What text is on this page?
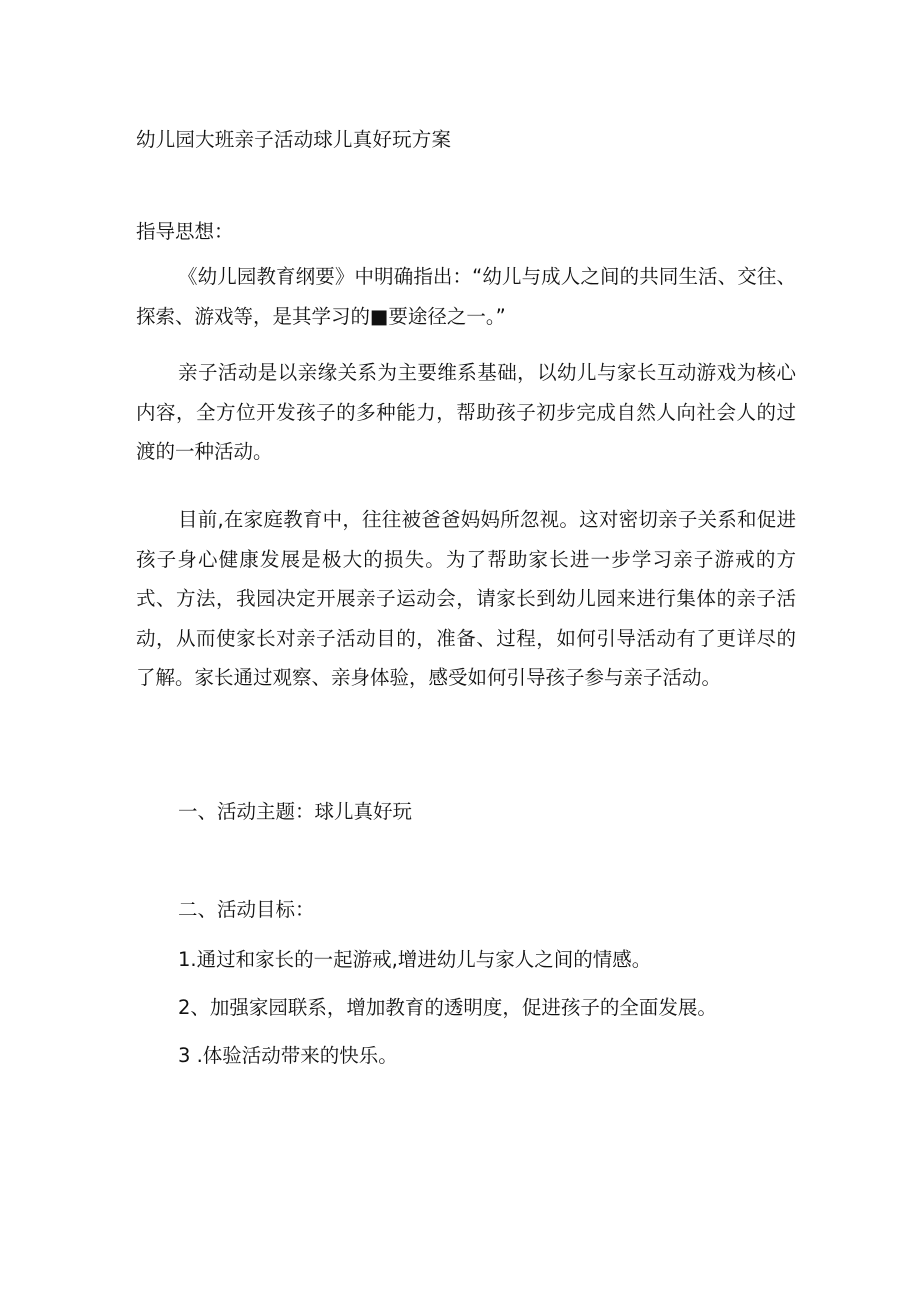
幼儿园大班亲子活动球儿真好玩方案
指导思想：

《幼儿园教育纲要》中明确指出：“幼儿与成人之间的共同生活、交往、探索、游戏等，是其学习的■要途径之一。”

亲子活动是以亲缘关系为主要维系基础，以幼儿与家长互动游戏为核心内容，全方位开发孩子的多种能力，帮助孩子初步完成自然人向社会人的过渡的一种活动。

目前,在家庭教育中，往往被爸爸妈妈所忽视。这对密切亲子关系和促进孩子身心健康发展是极大的损失。为了帮助家长进一步学习亲子游戒的方式、方法，我园决定开展亲子运动会，请家长到幼儿园来进行集体的亲子活动，从而使家长对亲子活动目的，准备、过程，如何引导活动有了更详尽的了解。家长通过观察、亲身体验，感受如何引导孩子参与亲子活动。

一、活动主题：球儿真好玩
二、活动目标：
1.通过和家长的一起游戒,增进幼儿与家人之间的情感。
2、加强家园联系，增加教育的透明度，促进孩子的全面发展。
3 .体验活动带来的快乐。
